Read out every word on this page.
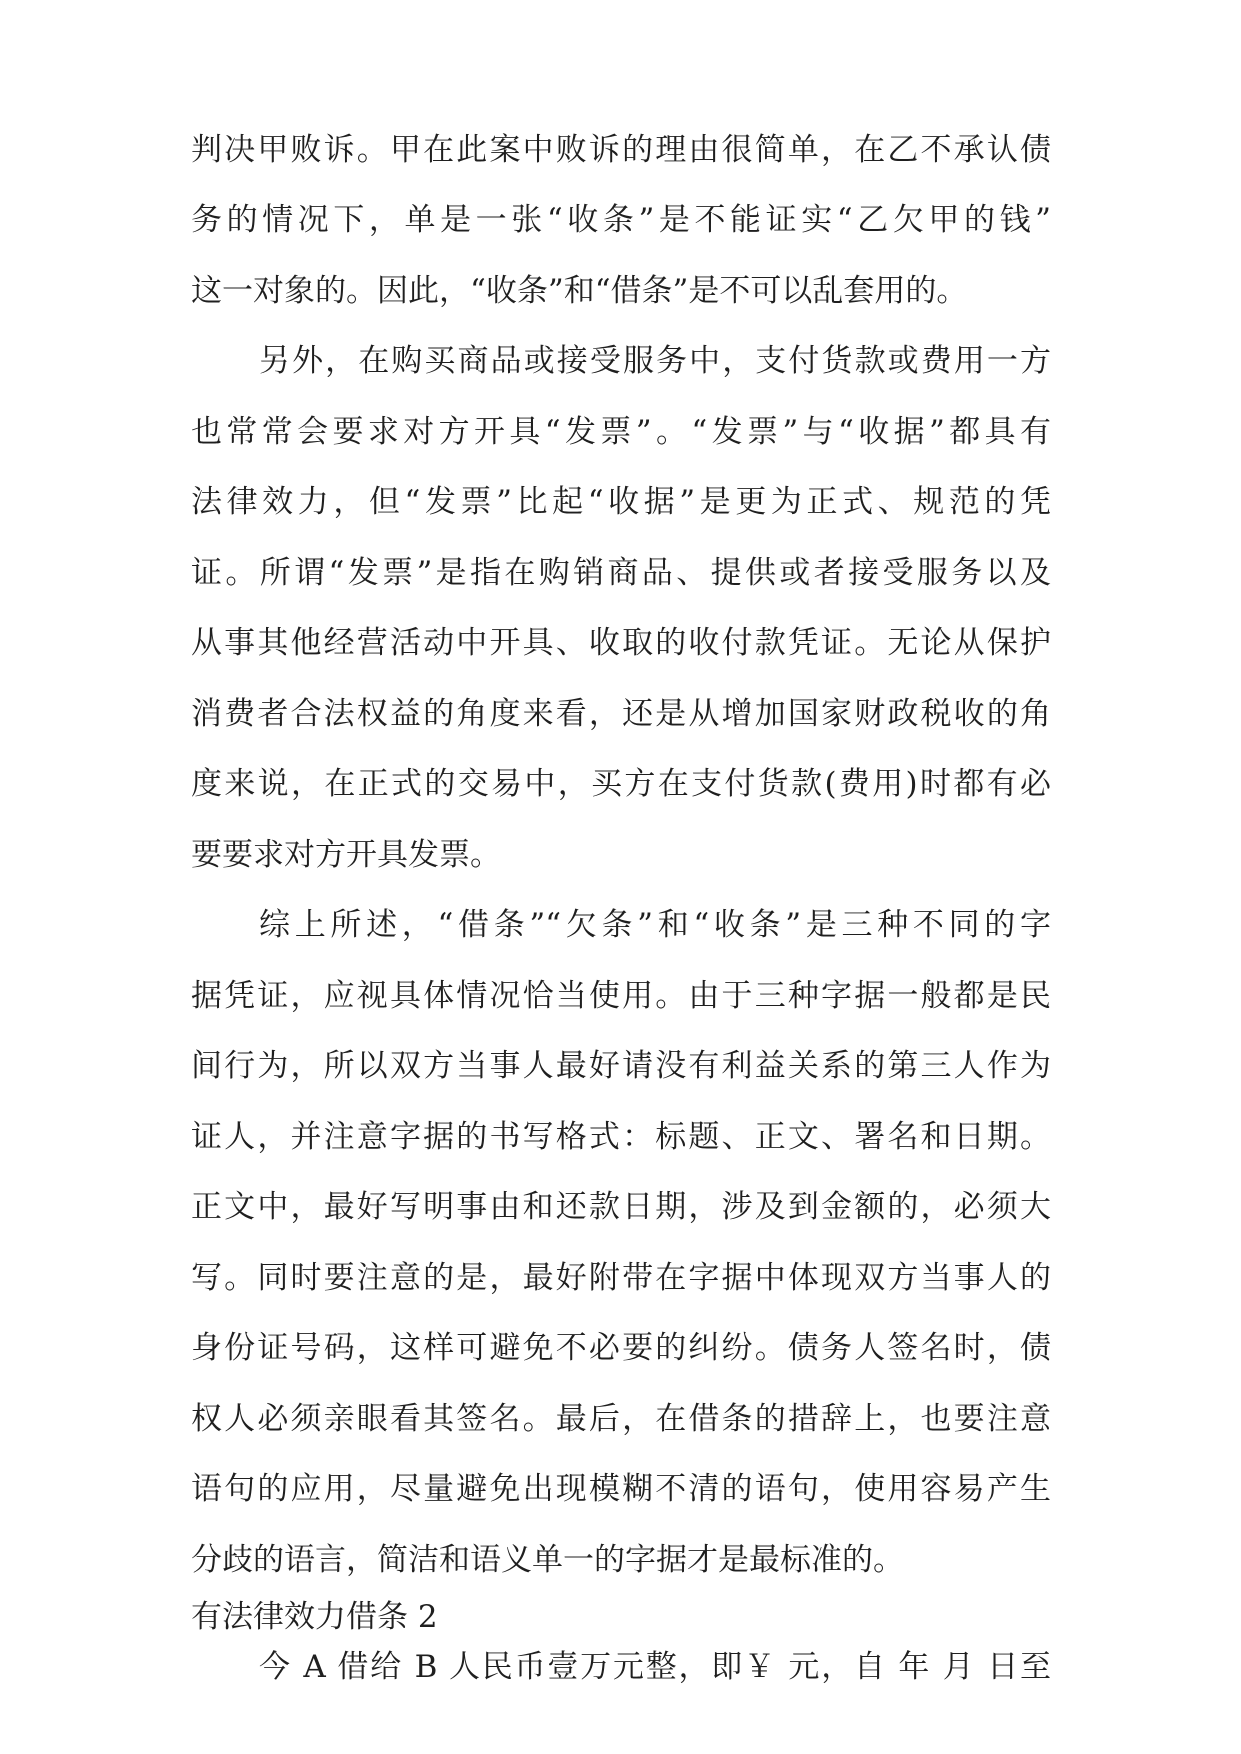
判决甲败诉。甲在此案中败诉的理由很简单，在乙不承认债

务的情况下，单是一张“收条”是不能证实“乙欠甲的钱”

这一对象的。因此，“收条”和“借条”是不可以乱套用的。

另外，在购买商品或接受服务中，支付货款或费用一方

也常常会要求对方开具“发票”。“发票”与“收据”都具有

法律效力，但“发票”比起“收据”是更为正式、规范的凭

证。所谓“发票”是指在购销商品、提供或者接受服务以及

从事其他经营活动中开具、收取的收付款凭证。无论从保护

消费者合法权益的角度来看，还是从增加国家财政税收的角

度来说，在正式的交易中，买方在支付货款(费用)时都有必

要要求对方开具发票。

综上所述，“借条”“欠条”和“收条”是三种不同的字

据凭证，应视具体情况恰当使用。由于三种字据一般都是民

间行为，所以双方当事人最好请没有利益关系的第三人作为

证人，并注意字据的书写格式：标题、正文、署名和日期。

正文中，最好写明事由和还款日期，涉及到金额的，必须大

写。同时要注意的是，最好附带在字据中体现双方当事人的

身份证号码，这样可避免不必要的纠纷。债务人签名时，债

权人必须亲眼看其签名。最后，在借条的措辞上，也要注意

语句的应用，尽量避免出现模糊不清的语句，使用容易产生

分歧的语言，简洁和语义单一的字据才是最标准的。

有法律效力借条 2

今 A 借给 B 人民币壹万元整，即￥ 元，自 年 月 日至
